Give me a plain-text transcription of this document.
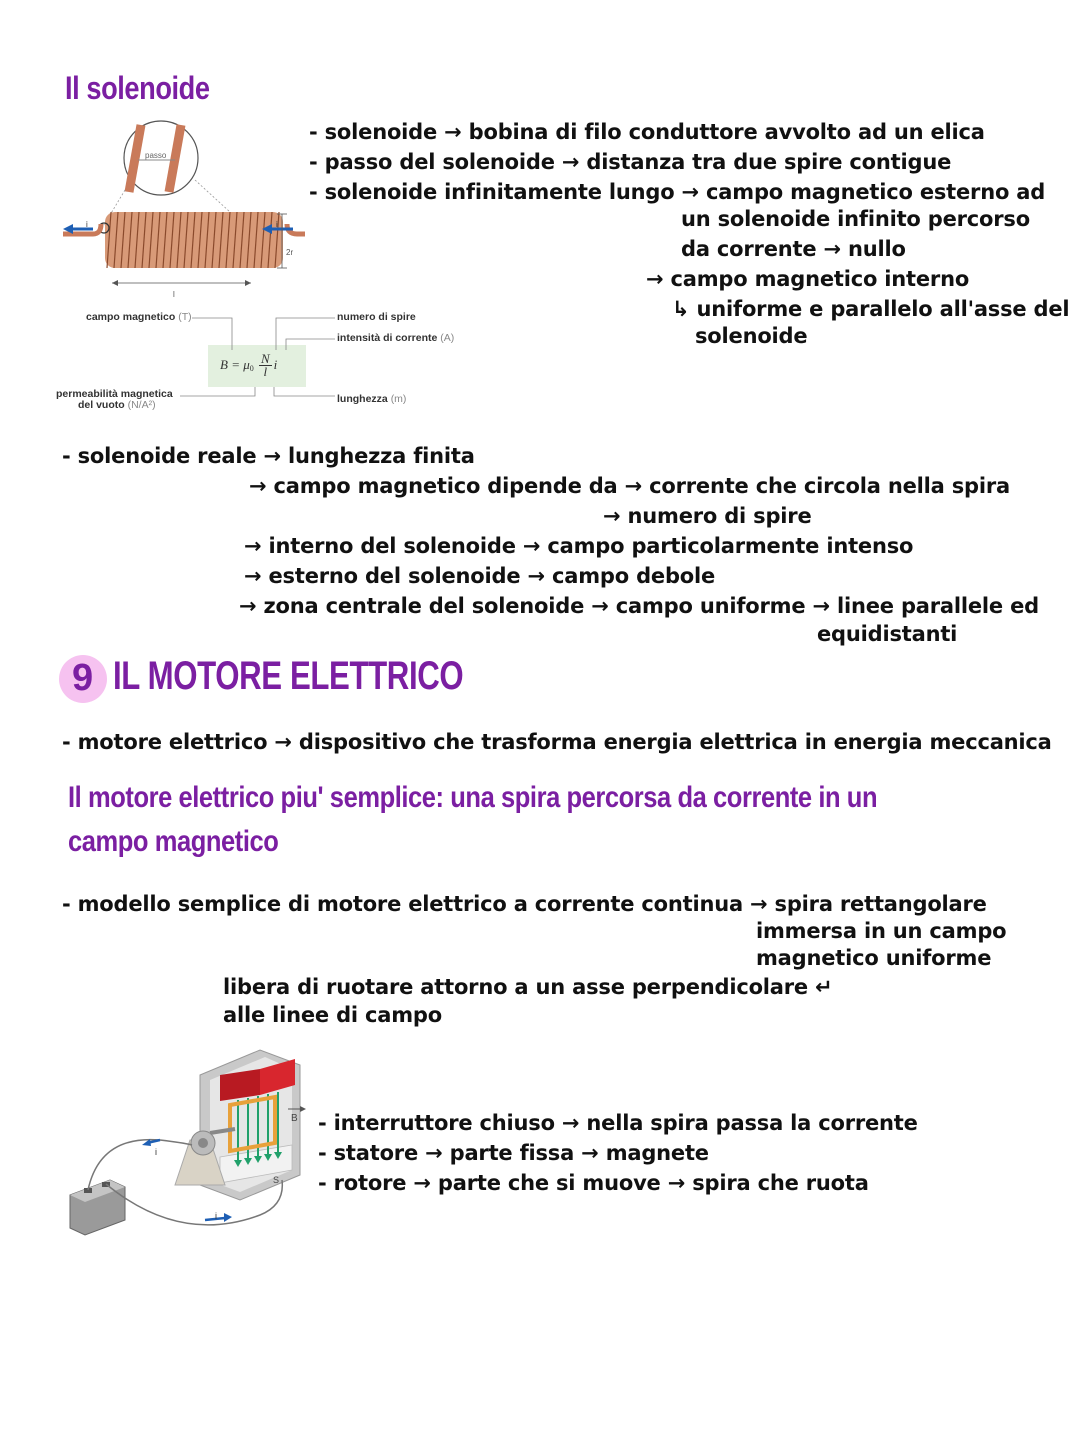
Il solenoide
passo
i	i
2r
l
$B = \mu 0 \frac{N}{l}$ i
campo magnetico (T)	numero di spire
intensità di corrente (A)
permeabilità magnetica
del vuoto (N/A²)	lunghezza (m)
- solenoide → bobina di filo conduttore avvolto ad un elica
- passo del solenoide → distanza tra due spire contigue
- solenoide infinitamente lungo → campo magnetico esterno ad
un solenoide infinito percorso
da corrente → nullo
→ campo magnetico interno
↳ uniforme e parallelo all'asse del
solenoide
- solenoide reale → lunghezza finita
→ campo magnetico dipende da → corrente che circola nella spira
→ numero di spire
→ interno del solenoide → campo particolarmente intenso
→ esterno del solenoide → campo debole
→ zona centrale del solenoide → campo uniforme → linee parallele ed
equidistanti
9 IL MOTORE ELETTRICO
- motore elettrico → dispositivo che trasforma energia elettrica in energia meccanica
Il motore elettrico piu' semplice: una spira percorsa da corrente in un
campo magnetico
- modello semplice di motore elettrico a corrente continua → spira rettangolare
immersa in un campo
magnetico uniforme
libera di ruotare attorno a un asse perpendicolare ↵
alle linee di campo
B
S
i
i
- interruttore chiuso → nella spira passa la corrente
- statore → parte fissa → magnete
- rotore → parte che si muove → spira che ruota
